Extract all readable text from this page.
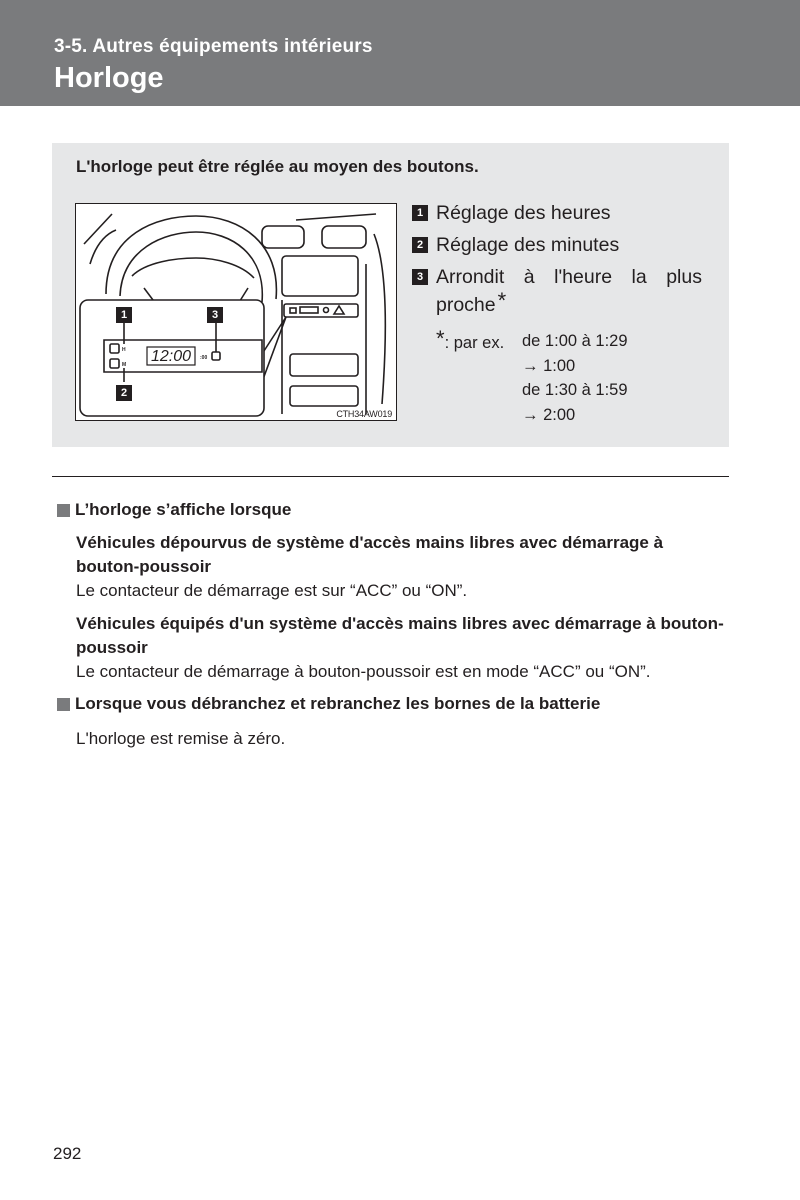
3-5. Autres équipements intérieurs
Horloge
L'horloge peut être réglée au moyen des boutons.
12:00
H
M
:00
1	3
2
CTH34AW019
1 Réglage des heures
2 Réglage des minutes
3 Arrondit à l'heure la plus proche*
*: par ex. de 1:00 à 1:29
→ 1:00
de 1:30 à 1:59
→ 2:00
L’horloge s’affiche lorsque
Véhicules dépourvus de système d'accès mains libres avec démarrage à bouton-poussoir
Le contacteur de démarrage est sur “ACC” ou “ON”.
Véhicules équipés d'un système d'accès mains libres avec démarrage à bouton-poussoir
Le contacteur de démarrage à bouton-poussoir est en mode “ACC” ou “ON”.
Lorsque vous débranchez et rebranchez les bornes de la batterie
L'horloge est remise à zéro.
292
